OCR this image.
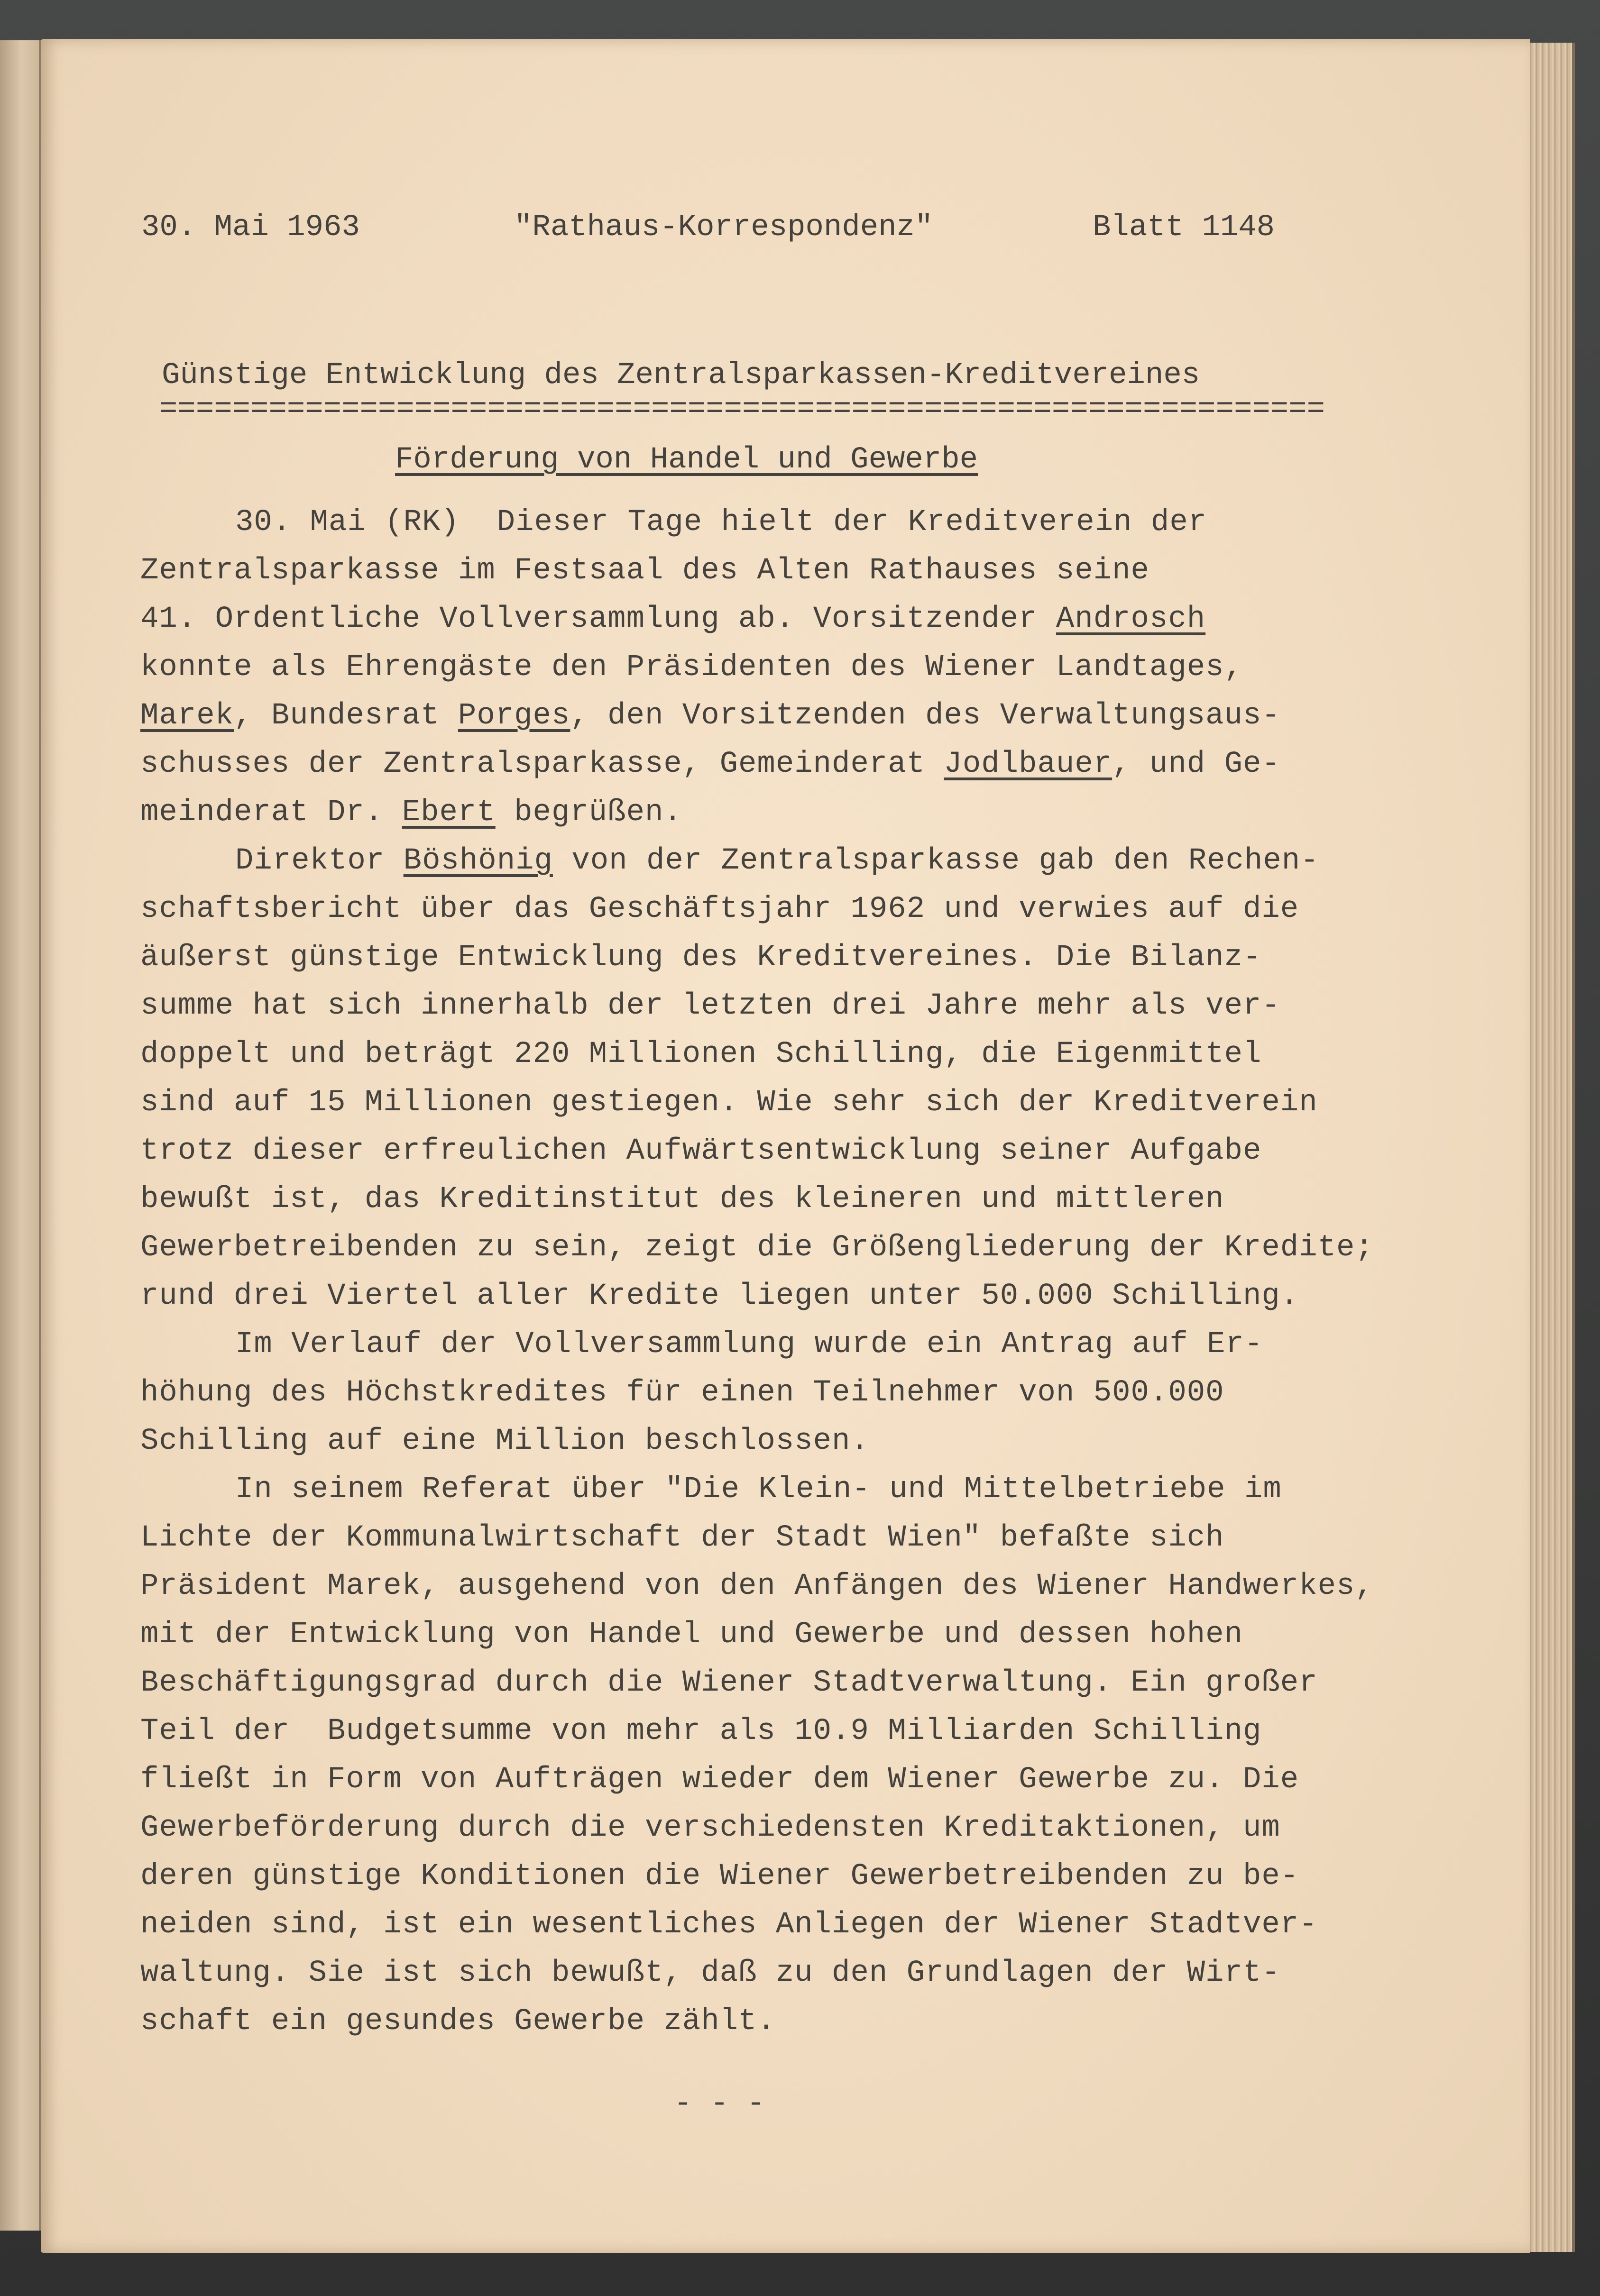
30. Mai 1963	"Rathaus-Korrespondenz"	Blatt 1148

Günstige Entwicklung des Zentralsparkassen-Kreditvereines

================================================================

Förderung von Handel und Gewerbe

30. Mai (RK)  Dieser Tage hielt der Kreditverein der

Zentralsparkasse im Festsaal des Alten Rathauses seine

41. Ordentliche Vollversammlung ab. Vorsitzender Androsch

konnte als Ehrengäste den Präsidenten des Wiener Landtages,

Marek, Bundesrat Porges, den Vorsitzenden des Verwaltungsaus-

schusses der Zentralsparkasse, Gemeinderat Jodlbauer, und Ge-

meinderat Dr. Ebert begrüßen.

Direktor Böshönig von der Zentralsparkasse gab den Rechen-

schaftsbericht über das Geschäftsjahr 1962 und verwies auf die

äußerst günstige Entwicklung des Kreditvereines. Die Bilanz-

summe hat sich innerhalb der letzten drei Jahre mehr als ver-

doppelt und beträgt 220 Millionen Schilling, die Eigenmittel

sind auf 15 Millionen gestiegen. Wie sehr sich der Kreditverein

trotz dieser erfreulichen Aufwärtsentwicklung seiner Aufgabe

bewußt ist, das Kreditinstitut des kleineren und mittleren

Gewerbetreibenden zu sein, zeigt die Größengliederung der Kredite;

rund drei Viertel aller Kredite liegen unter 50.000 Schilling.

Im Verlauf der Vollversammlung wurde ein Antrag auf Er-

höhung des Höchstkredites für einen Teilnehmer von 500.000

Schilling auf eine Million beschlossen.

In seinem Referat über "Die Klein- und Mittelbetriebe im

Lichte der Kommunalwirtschaft der Stadt Wien" befaßte sich

Präsident Marek, ausgehend von den Anfängen des Wiener Handwerkes,

mit der Entwicklung von Handel und Gewerbe und dessen hohen

Beschäftigungsgrad durch die Wiener Stadtverwaltung. Ein großer

Teil der  Budgetsumme von mehr als 10.9 Milliarden Schilling

fließt in Form von Aufträgen wieder dem Wiener Gewerbe zu. Die

Gewerbeförderung durch die verschiedensten Kreditaktionen, um

deren günstige Konditionen die Wiener Gewerbetreibenden zu be-

neiden sind, ist ein wesentliches Anliegen der Wiener Stadtver-

waltung. Sie ist sich bewußt, daß zu den Grundlagen der Wirt-

schaft ein gesundes Gewerbe zählt.

- - -
